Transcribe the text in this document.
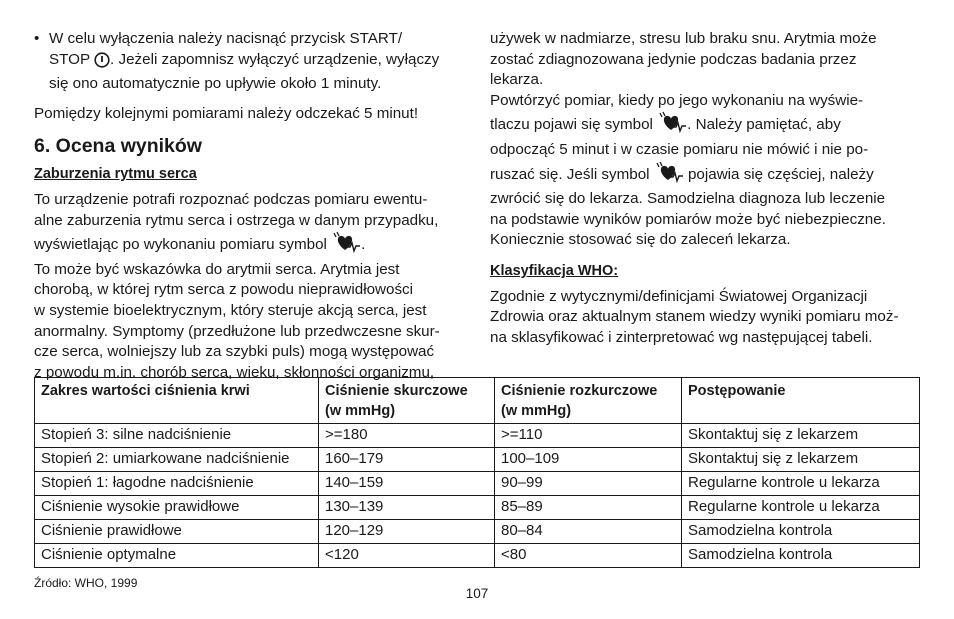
• W celu wyłączenia należy nacisnąć przycisk START/

STOP . Jeżeli zapomnisz wyłączyć urządzenie, wyłączy

się ono automatycznie po upływie około 1 minuty.

Pomiędzy kolejnymi pomiarami należy odczekać 5 minut!

6. Ocena wyników

Zaburzenia rytmu serca

To urządzenie potrafi rozpoznać podczas pomiaru ewentu-

alne zaburzenia rytmu serca i ostrzega w danym przypadku,

wyświetlając po wykonaniu pomiaru symbol .

To może być wskazówka do arytmii serca. Arytmia jest

chorobą, w której rytm serca z powodu nieprawidłowości

w systemie bioelektrycznym, który steruje akcją serca, jest

anormalny. Symptomy (przedłużone lub przedwczesne skur-

cze serca, wolniejszy lub za szybki puls) mogą występować

z powodu m.in. chorób serca, wieku, skłonności organizmu,

używek w nadmiarze, stresu lub braku snu. Arytmia może

zostać zdiagnozowana jedynie podczas badania przez

lekarza.

Powtórzyć pomiar, kiedy po jego wykonaniu na wyświe-

tlaczu pojawi się symbol . Należy pamiętać, aby

odpocząć 5 minut i w czasie pomiaru nie mówić i nie po-

ruszać się. Jeśli symbol	pojawia się częściej, należy

zwrócić się do lekarza. Samodzielna diagnoza lub leczenie

na podstawie wyników pomiarów może być niebezpieczne.

Koniecznie stosować się do zaleceń lekarza.

Klasyfikacja WHO:

Zgodnie z wytycznymi/definicjami Światowej Organizacji

Zdrowia oraz aktualnym stanem wiedzy wyniki pomiaru moż-

na sklasyfikować i zinterpretować wg następującej tabeli.

Zakres wartości ciśnienia krwi	Ciśnienie skurczowe
(w mmHg)	Ciśnienie rozkurczowe
(w mmHg)	Postępowanie
Stopień 3: silne nadciśnienie	>=180	>=110	Skontaktuj się z lekarzem
Stopień 2: umiarkowane nadciśnienie	160–179	100–109	Skontaktuj się z lekarzem
Stopień 1: łagodne nadciśnienie	140–159	90–99	Regularne kontrole u lekarza
Ciśnienie wysokie prawidłowe	130–139	85–89	Regularne kontrole u lekarza
Ciśnienie prawidłowe	120–129	80–84	Samodzielna kontrola
Ciśnienie optymalne	<120	<80	Samodzielna kontrola
Źródło: WHO, 1999
107
